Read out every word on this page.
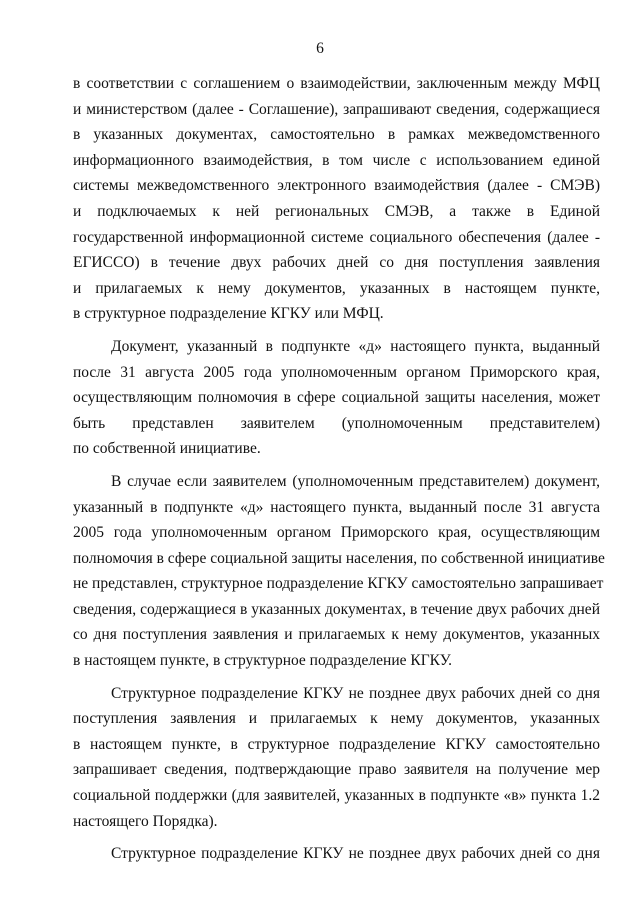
6
в соответствии с соглашением о взаимодействии, заключенным между МФЦ
и министерством (далее - Соглашение), запрашивают сведения, содержащиеся
в указанных документах, самостоятельно в рамках межведомственного
информационного взаимодействия, в том числе с использованием единой
системы межведомственного электронного взаимодействия (далее - СМЭВ)
и подключаемых к ней региональных СМЭВ, а также в Единой
государственной информационной системе социального обеспечения (далее -
ЕГИССО) в течение двух рабочих дней со дня поступления заявления
и прилагаемых к нему документов, указанных в настоящем пункте,
в структурное подразделение КГКУ или МФЦ.
Документ, указанный в подпункте «д» настоящего пункта, выданный
после 31 августа 2005 года уполномоченным органом Приморского края,
осуществляющим полномочия в сфере социальной защиты населения, может
быть представлен заявителем (уполномоченным представителем)
по собственной инициативе.
В случае если заявителем (уполномоченным представителем) документ,
указанный в подпункте «д» настоящего пункта, выданный после 31 августа
2005 года уполномоченным органом Приморского края, осуществляющим
полномочия в сфере социальной защиты населения, по собственной инициативе
не представлен, структурное подразделение КГКУ самостоятельно запрашивает
сведения, содержащиеся в указанных документах, в течение двух рабочих дней
со дня поступления заявления и прилагаемых к нему документов, указанных
в настоящем пункте, в структурное подразделение КГКУ.
Структурное подразделение КГКУ не позднее двух рабочих дней со дня
поступления заявления и прилагаемых к нему документов, указанных
в настоящем пункте, в структурное подразделение КГКУ самостоятельно
запрашивает сведения, подтверждающие право заявителя на получение мер
социальной поддержки (для заявителей, указанных в подпункте «в» пункта 1.2
настоящего Порядка).
Структурное подразделение КГКУ не позднее двух рабочих дней со дня
